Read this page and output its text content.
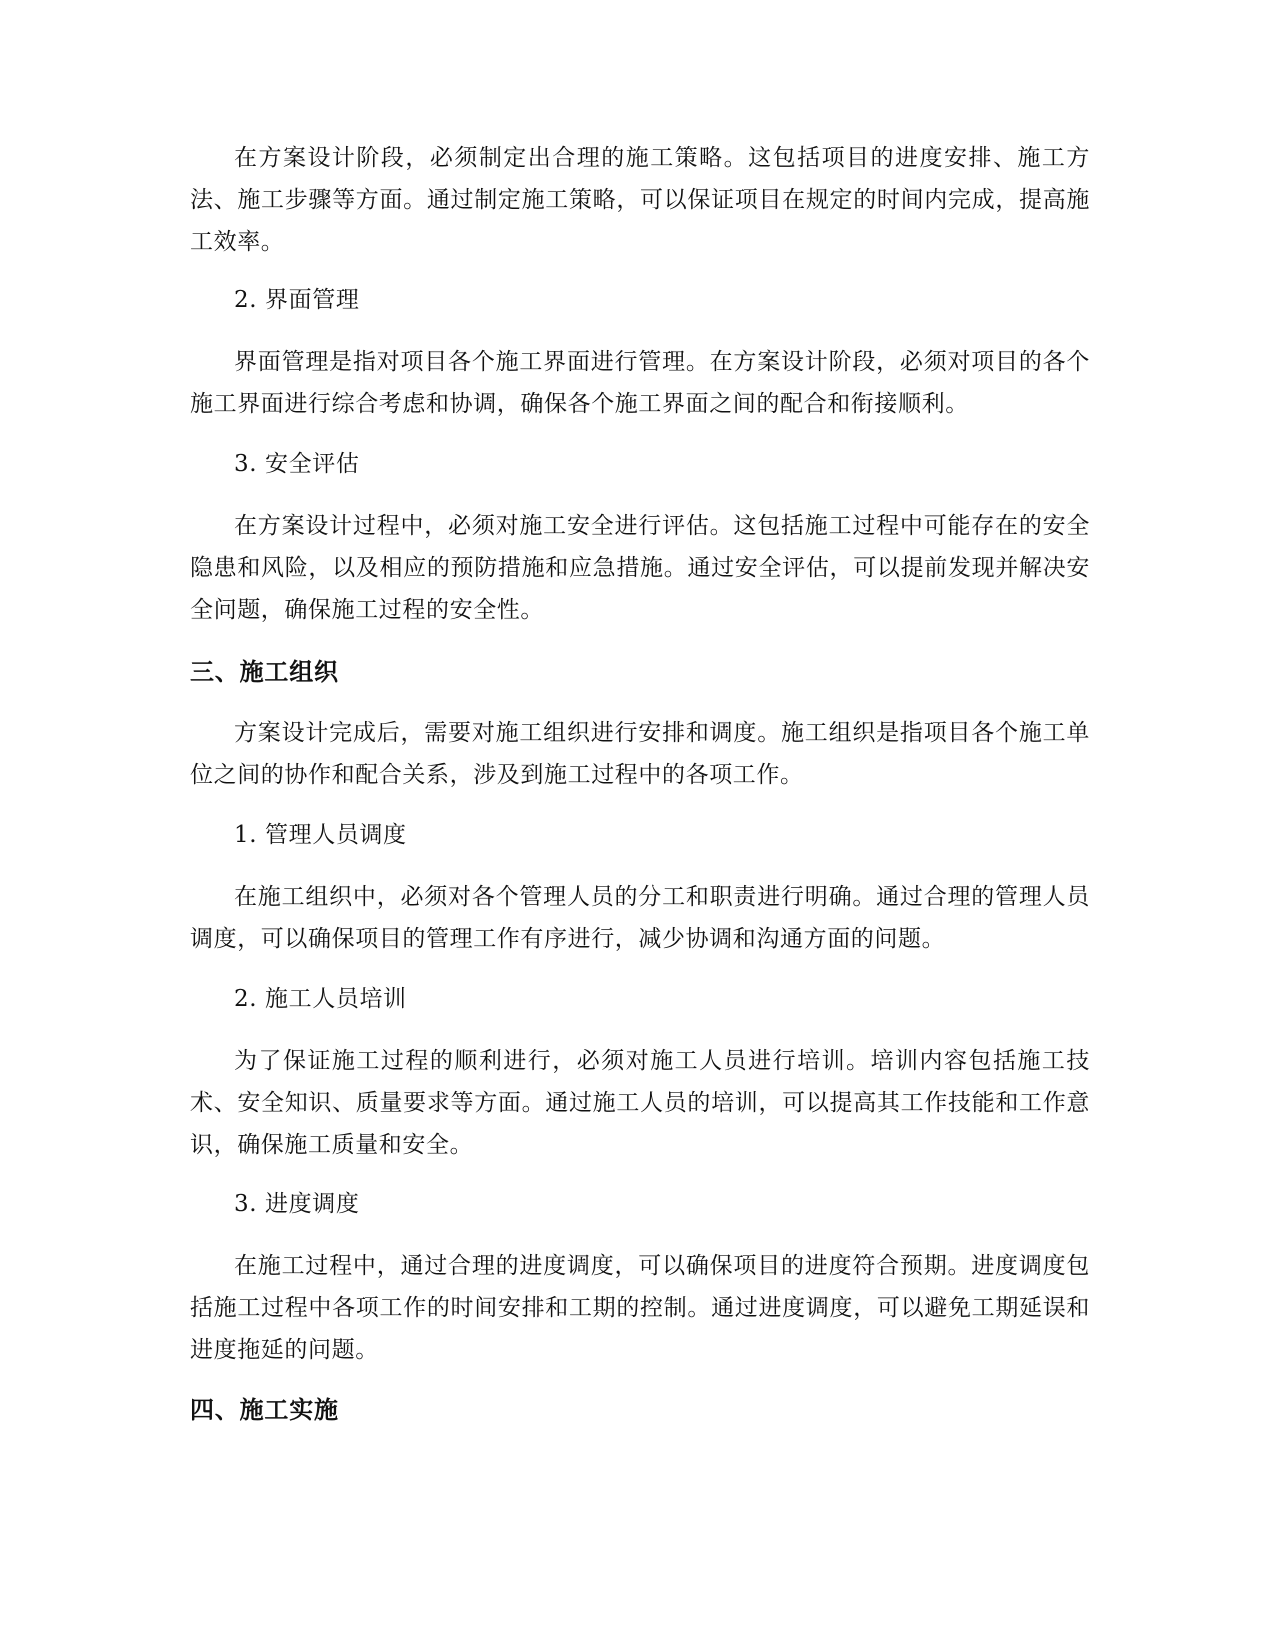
在方案设计阶段，必须制定出合理的施工策略。这包括项目的进度安排、施工方法、施工步骤等方面。通过制定施工策略，可以保证项目在规定的时间内完成，提高施工效率。

2. 界面管理

界面管理是指对项目各个施工界面进行管理。在方案设计阶段，必须对项目的各个施工界面进行综合考虑和协调，确保各个施工界面之间的配合和衔接顺利。

3. 安全评估

在方案设计过程中，必须对施工安全进行评估。这包括施工过程中可能存在的安全隐患和风险，以及相应的预防措施和应急措施。通过安全评估，可以提前发现并解决安全问题，确保施工过程的安全性。

三、施工组织

方案设计完成后，需要对施工组织进行安排和调度。施工组织是指项目各个施工单位之间的协作和配合关系，涉及到施工过程中的各项工作。

1. 管理人员调度

在施工组织中，必须对各个管理人员的分工和职责进行明确。通过合理的管理人员调度，可以确保项目的管理工作有序进行，减少协调和沟通方面的问题。

2. 施工人员培训

为了保证施工过程的顺利进行，必须对施工人员进行培训。培训内容包括施工技术、安全知识、质量要求等方面。通过施工人员的培训，可以提高其工作技能和工作意识，确保施工质量和安全。

3. 进度调度

在施工过程中，通过合理的进度调度，可以确保项目的进度符合预期。进度调度包括施工过程中各项工作的时间安排和工期的控制。通过进度调度，可以避免工期延误和进度拖延的问题。

四、施工实施
